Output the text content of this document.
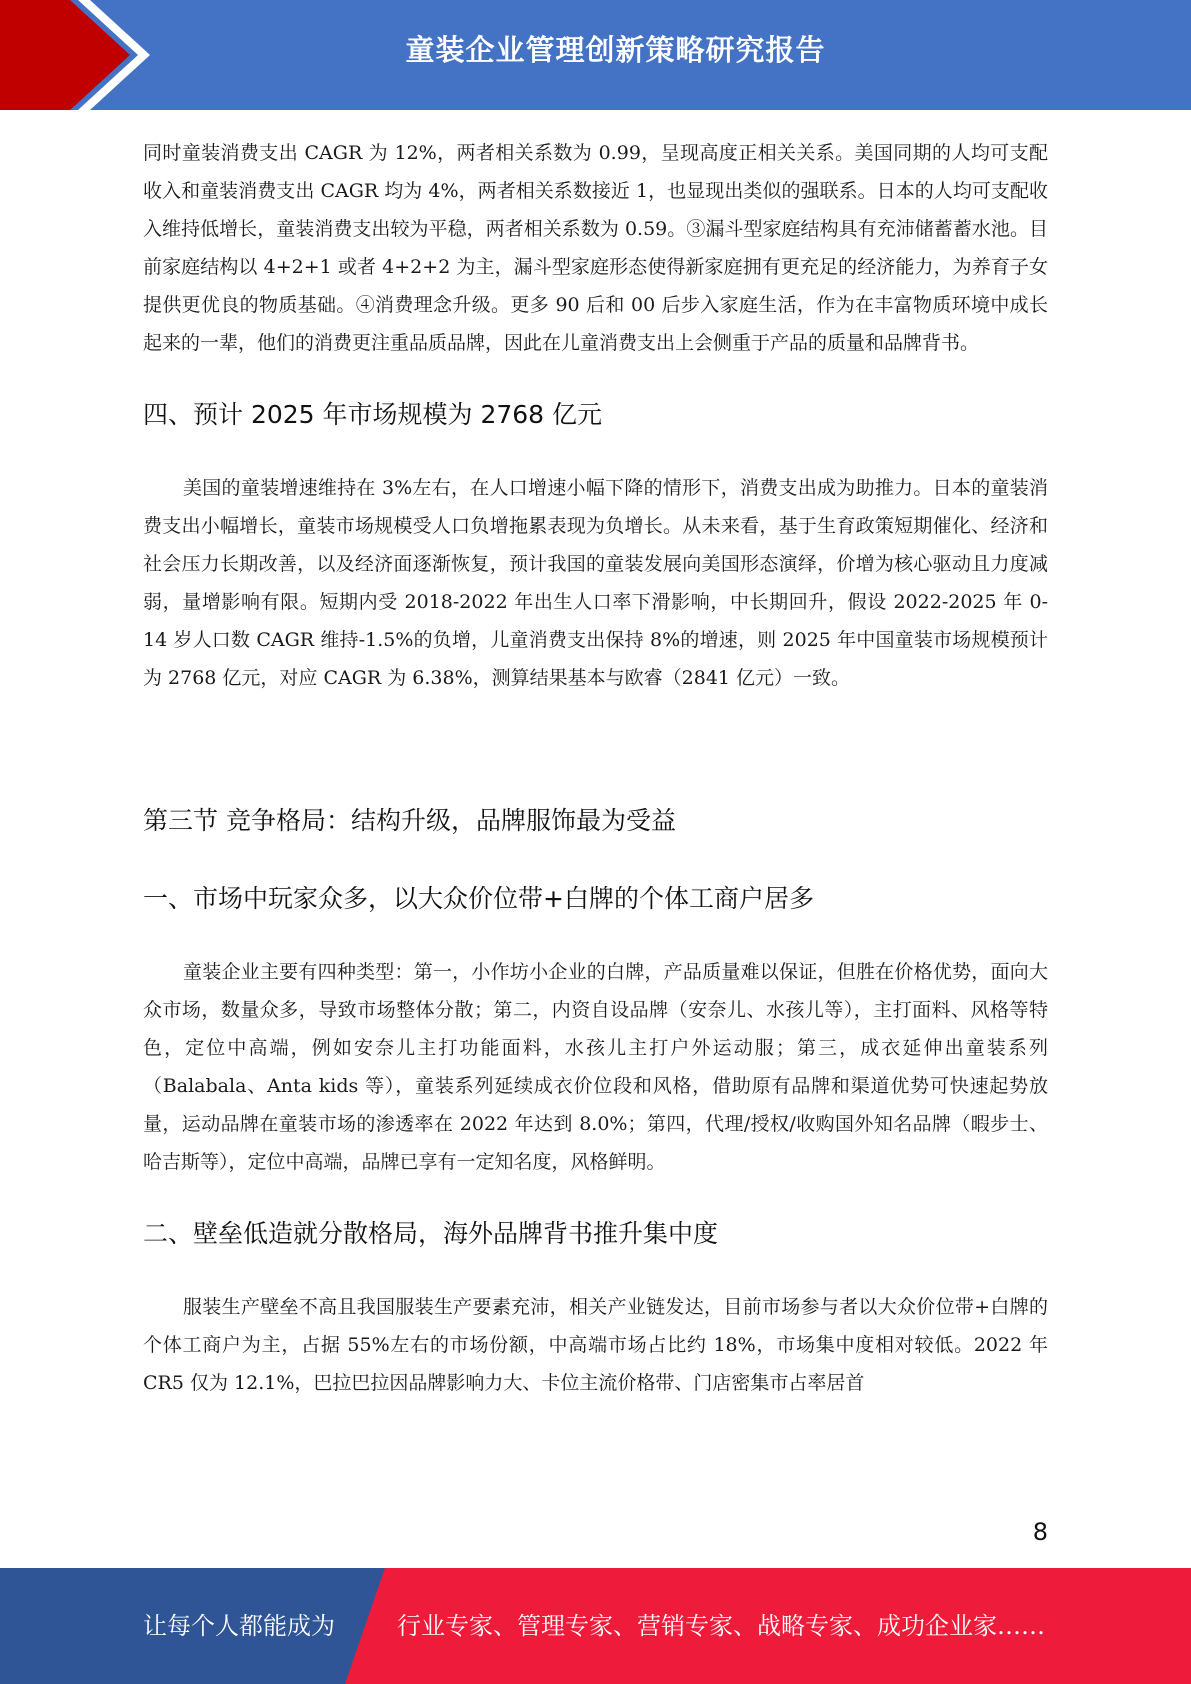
童装企业管理创新策略研究报告

同时童装消费支出 CAGR 为 12%，两者相关系数为 0.99，呈现高度正相关关系。美国同期的人均可支配收入和童装消费支出 CAGR 均为 4%，两者相关系数接近 1，也显现出类似的强联系。日本的人均可支配收入维持低增长，童装消费支出较为平稳，两者相关系数为 0.59。③漏斗型家庭结构具有充沛储蓄蓄水池。目前家庭结构以 4+2+1 或者 4+2+2 为主，漏斗型家庭形态使得新家庭拥有更充足的经济能力，为养育子女提供更优良的物质基础。④消费理念升级。更多 90 后和 00 后步入家庭生活，作为在丰富物质环境中成长起来的一辈，他们的消费更注重品质品牌，因此在儿童消费支出上会侧重于产品的质量和品牌背书。

四、预计 2025 年市场规模为 2768 亿元

美国的童装增速维持在 3%左右，在人口增速小幅下降的情形下，消费支出成为助推力。日本的童装消费支出小幅增长，童装市场规模受人口负增拖累表现为负增长。从未来看，基于生育政策短期催化、经济和社会压力长期改善，以及经济面逐渐恢复，预计我国的童装发展向美国形态演绎，价增为核心驱动且力度减弱，量增影响有限。短期内受 2018-2022 年出生人口率下滑影响，中长期回升，假设 2022-2025 年 0-14 岁人口数 CAGR 维持-1.5%的负增，儿童消费支出保持 8%的增速，则 2025 年中国童装市场规模预计为 2768 亿元，对应 CAGR 为 6.38%，测算结果基本与欧睿（2841 亿元）一致。

第三节 竞争格局：结构升级，品牌服饰最为受益
一、市场中玩家众多，以大众价位带+白牌的个体工商户居多

童装企业主要有四种类型：第一，小作坊小企业的白牌，产品质量难以保证，但胜在价格优势，面向大众市场，数量众多，导致市场整体分散；第二，内资自设品牌（安奈儿、水孩儿等），主打面料、风格等特色，定位中高端，例如安奈儿主打功能面料，水孩儿主打户外运动服；第三，成衣延伸出童装系列（Balabala、Anta kids 等），童装系列延续成衣价位段和风格，借助原有品牌和渠道优势可快速起势放量，运动品牌在童装市场的渗透率在 2022 年达到 8.0%；第四，代理/授权/收购国外知名品牌（暇步士、哈吉斯等），定位中高端，品牌已享有一定知名度，风格鲜明。

二、壁垒低造就分散格局，海外品牌背书推升集中度

服装生产壁垒不高且我国服装生产要素充沛，相关产业链发达，目前市场参与者以大众价位带+白牌的个体工商户为主，占据 55%左右的市场份额，中高端市场占比约 18%，市场集中度相对较低。2022 年 CR5 仅为 12.1%，巴拉巴拉因品牌影响力大、卡位主流价格带、门店密集市占率居首

8
让每个人都能成为	行业专家、管理专家、营销专家、战略专家、成功企业家……
